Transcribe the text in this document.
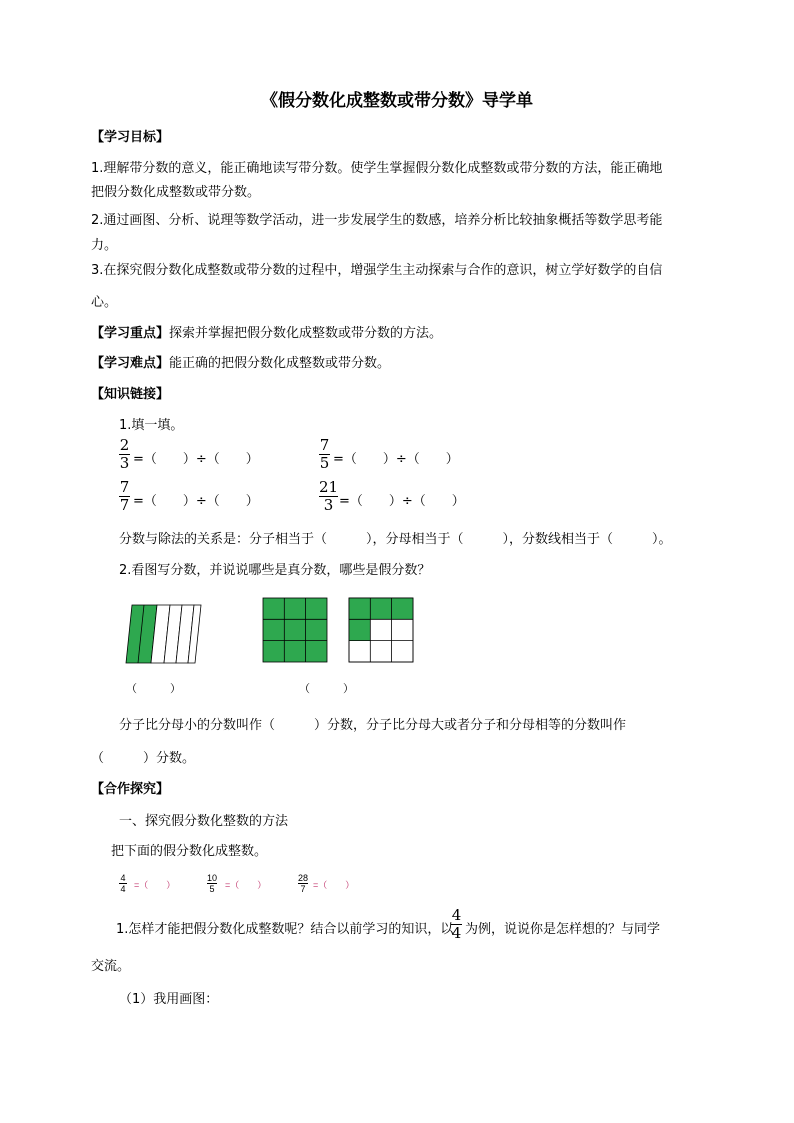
《假分数化成整数或带分数》导学单
【学习目标】
1.理解带分数的意义，能正确地读写带分数。使学生掌握假分数化成整数或带分数的方法，能正确地
把假分数化成整数或带分数。
2.通过画图、分析、说理等数学活动，进一步发展学生的数感，培养分析比较抽象概括等数学思考能
力。
3.在探究假分数化成整数或带分数的过程中，增强学生主动探索与合作的意识，树立学好数学的自信
心。
【学习重点】探索并掌握把假分数化成整数或带分数的方法。
【学习难点】能正确的把假分数化成整数或带分数。
【知识链接】
1.填一填。
2
3 =（　　）÷（　　）
7
5 =（　　）÷（　　）
7
7 =（　　）÷（　　）
21
3 =（　　）÷（　　）
分数与除法的关系是：分子相当于（　　　），分母相当于（　　　），分数线相当于（　　　）。
2.看图写分数，并说说哪些是真分数，哪些是假分数？
（　　　）	（　　　）
分子比分母小的分数叫作（　　　）分数，分子比分母大或者分子和分母相等的分数叫作
（　　　）分数。
【合作探究】
一、探究假分数化整数的方法
把下面的假分数化成整数。
4
4 =（　　）
10
5 =（　　）
28
7 =（　　）
1.怎样才能把假分数化成整数呢？结合以前学习的知识，以
4
4 为例，说说你是怎样想的？与同学
交流。
（1）我用画图：
